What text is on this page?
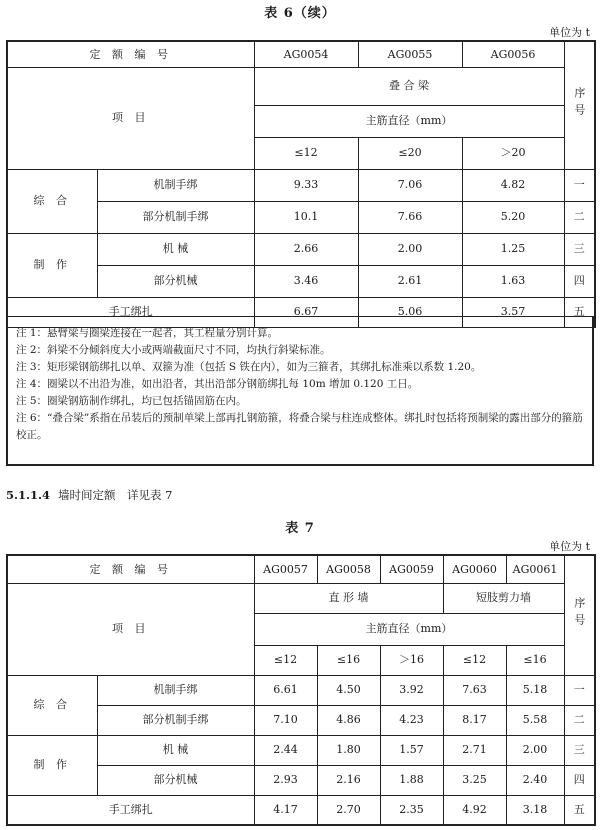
表 6（续）
单位为 t
定 额 编 号		AG0054	AG0055	AG0056	序号
项 目		叠 合 梁			
		主筋直径（mm）			
		≤12	≤20	＞20	
综 合	机制手绑	9.33	7.06	4.82	一
	部分机制手绑	10.1	7.66	5.20	二
制 作	机 械	2.66	2.00	1.25	三
	部分机械	3.46	2.61	1.63	四
手工绑扎		6.67	5.06	3.57	五
注 1：悬臂梁与圈梁连接在一起者，其工程量分别计算。
注 2：斜梁不分倾斜度大小或两端截面尺寸不同，均执行斜梁标准。
注 3：矩形梁钢筋绑扎以单、双箍为准（包括 S 铁在内），如为三箍者，其绑扎标准乘以系数 1.20。
注 4：圈梁以不出沿为准，如出沿者，其出沿部分钢筋绑扎每 10m 增加 0.120 工日。
注 5：圈梁钢筋制作绑扎，均已包括锚固筋在内。
注 6：“叠合梁”系指在吊装后的预制单梁上部再扎钢筋箍，将叠合梁与柱连成整体。绑扎时包括将预制梁的露出部分的箍筋校正。
5.1.1.4 墙时间定额　详见表 7
表 7
单位为 t
定 额 编 号		AG0057	AG0058	AG0059	AG0060	AG0061	序号
项 目		直 形 墙			短肢剪力墙		
		主筋直径（mm）					
		≤12	≤16	＞16	≤12	≤16	
综 合	机制手绑	6.61	4.50	3.92	7.63	5.18	一
	部分机制手绑	7.10	4.86	4.23	8.17	5.58	二
制 作	机 械	2.44	1.80	1.57	2.71	2.00	三
	部分机械	2.93	2.16	1.88	3.25	2.40	四
手工绑扎		4.17	2.70	2.35	4.92	3.18	五
